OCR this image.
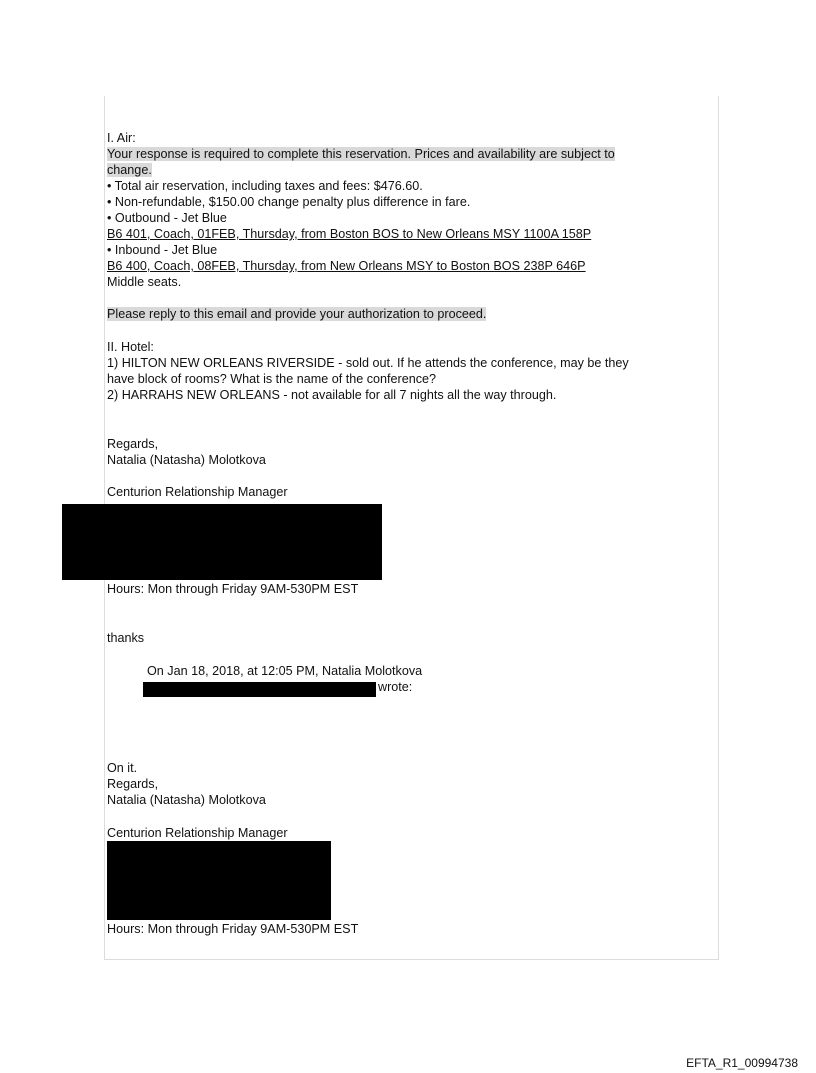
I. Air:
Your response is required to complete this reservation. Prices and availability are subject to
change.
• Total air reservation, including taxes and fees: $476.60.
• Non-refundable, $150.00 change penalty plus difference in fare.
• Outbound - Jet Blue
B6 401, Coach, 01FEB, Thursday, from Boston BOS to New Orleans MSY 1100A 158P
• Inbound - Jet Blue
B6 400, Coach, 08FEB, Thursday, from New Orleans MSY to Boston BOS 238P 646P
Middle seats.
Please reply to this email and provide your authorization to proceed.
II. Hotel:
1) HILTON NEW ORLEANS RIVERSIDE - sold out. If he attends the conference, may be they
have block of rooms? What is the name of the conference?
2) HARRAHS NEW ORLEANS - not available for all 7 nights all the way through.
Regards,
Natalia (Natasha) Molotkova
Centurion Relationship Manager
Hours: Mon through Friday 9AM-530PM EST
thanks
On Jan 18, 2018, at 12:05 PM, Natalia Molotkova
wrote:
On it.
Regards,
Natalia (Natasha) Molotkova
Centurion Relationship Manager
Hours: Mon through Friday 9AM-530PM EST
EFTA_R1_00994738
